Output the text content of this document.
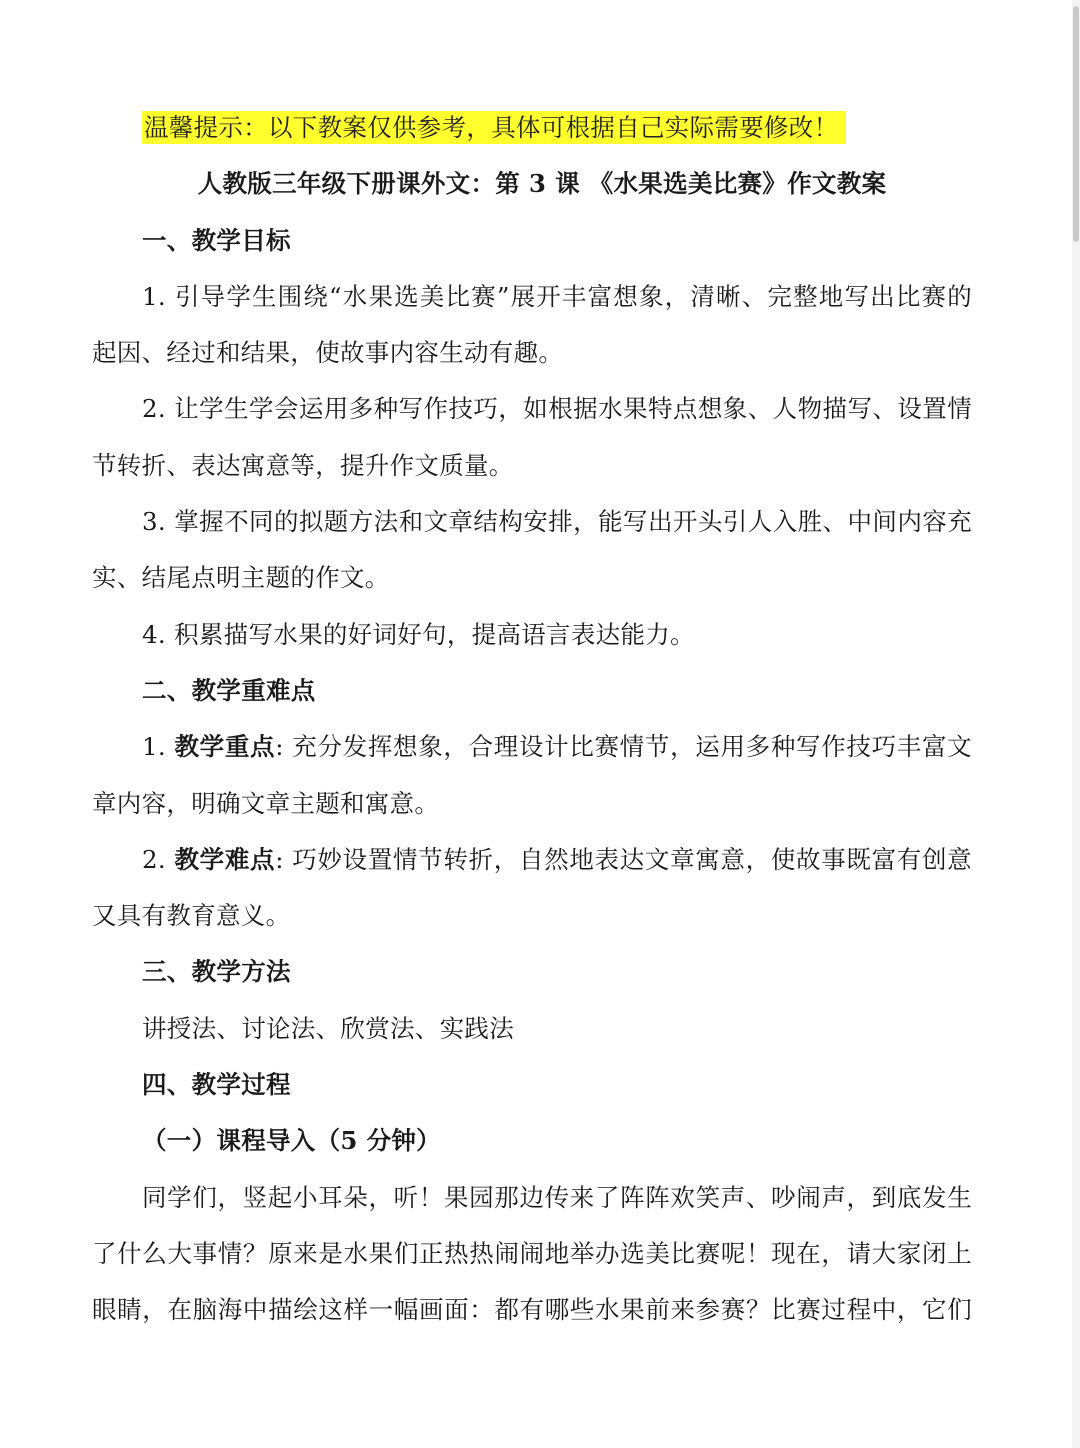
温馨提示：以下教案仅供参考，具体可根据自己实际需要修改！
人教版三年级下册课外文：第 3 课 《水果选美比赛》作文教案
一、教学目标
1. 引导学生围绕“水果选美比赛”展开丰富想象，清晰、完整地写出比赛的
起因、经过和结果，使故事内容生动有趣。
2. 让学生学会运用多种写作技巧，如根据水果特点想象、人物描写、设置情
节转折、表达寓意等，提升作文质量。
3. 掌握不同的拟题方法和文章结构安排，能写出开头引人入胜、中间内容充
实、结尾点明主题的作文。
4. 积累描写水果的好词好句，提高语言表达能力。
二、教学重难点
1. 教学重点: 充分发挥想象，合理设计比赛情节，运用多种写作技巧丰富文
章内容，明确文章主题和寓意。
2. 教学难点: 巧妙设置情节转折，自然地表达文章寓意，使故事既富有创意
又具有教育意义。
三、教学方法
讲授法、讨论法、欣赏法、实践法
四、教学过程
（一）课程导入（5 分钟）
同学们，竖起小耳朵，听！果园那边传来了阵阵欢笑声、吵闹声，到底发生
了什么大事情？原来是水果们正热热闹闹地举办选美比赛呢！现在，请大家闭上
眼睛，在脑海中描绘这样一幅画面：都有哪些水果前来参赛？比赛过程中，它们
